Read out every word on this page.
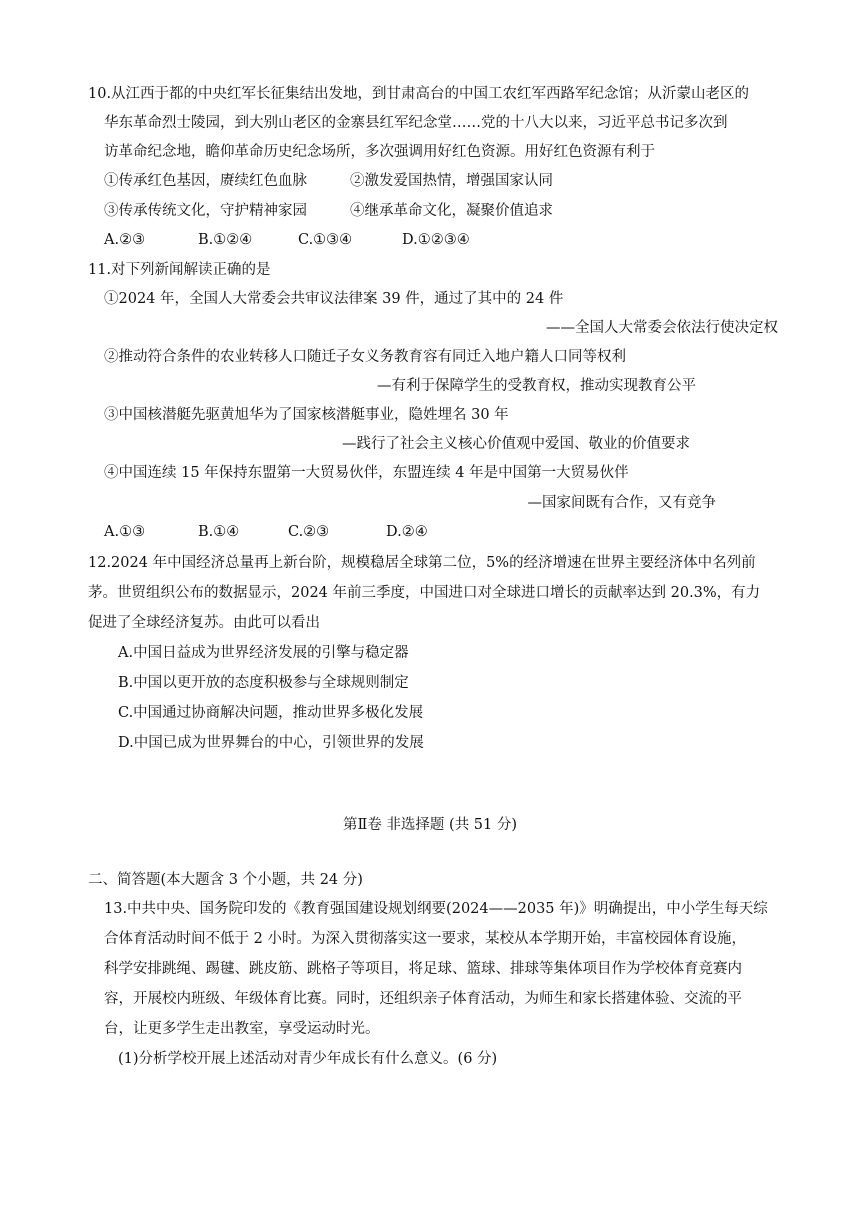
10.从江西于都的中央红军长征集结出发地，到甘肃高台的中国工农红军西路军纪念馆；从沂蒙山老区的
华东革命烈士陵园，到大别山老区的金寨县红军纪念堂……党的十八大以来，习近平总书记多次到
访革命纪念地，瞻仰革命历史纪念场所，多次强调用好红色资源。用好红色资源有利于
①传承红色基因，赓续红色血脉	②激发爱国热情，增强国家认同
③传承传统文化，守护精神家园	④继承革命文化，凝聚价值追求
A.②③	B.①②④	C.①③④	D.①②③④
11.对下列新闻解读正确的是
①2024 年，全国人大常委会共审议法律案 39 件，通过了其中的 24 件
——全国人大常委会依法行使决定权
②推动符合条件的农业转移人口随迁子女义务教育容有同迁入地户籍人口同等权利
—有利于保障学生的受教育权，推动实现教育公平
③中国核潜艇先驱黄旭华为了国家核潜艇事业，隐姓埋名 30 年
—践行了社会主义核心价值观中爱国、敬业的价值要求
④中国连续 15 年保持东盟第一大贸易伙伴，东盟连续 4 年是中国第一大贸易伙伴
—国家间既有合作，又有竞争
A.①③	B.①④	C.②③	D.②④
12.2024 年中国经济总量再上新台阶，规模稳居全球第二位，5%的经济增速在世界主要经济体中名列前
茅。世贸组织公布的数据显示，2024 年前三季度，中国进口对全球进口增长的贡献率达到 20.3%，有力
促进了全球经济复苏。由此可以看出
A.中国日益成为世界经济发展的引擎与稳定器
B.中国以更开放的态度积极参与全球规则制定
C.中国通过协商解决问题，推动世界多极化发展
D.中国已成为世界舞台的中心，引领世界的发展
第Ⅱ卷 非选择题 (共 51 分)
二、简答题(本大题含 3 个小题，共 24 分)
13.中共中央、国务院印发的《教育强国建设规划纲要(2024——2035 年)》明确提出，中小学生每天综
合体育活动时间不低于 2 小时。为深入贯彻落实这一要求，某校从本学期开始，丰富校园体育设施，
科学安排跳绳、踢毽、跳皮筋、跳格子等项目，将足球、篮球、排球等集体项目作为学校体育竞赛内
容，开展校内班级、年级体育比赛。同时，还组织亲子体育活动，为师生和家长搭建体验、交流的平
台，让更多学生走出教室，享受运动时光。
(1)分析学校开展上述活动对青少年成长有什么意义。(6 分)
